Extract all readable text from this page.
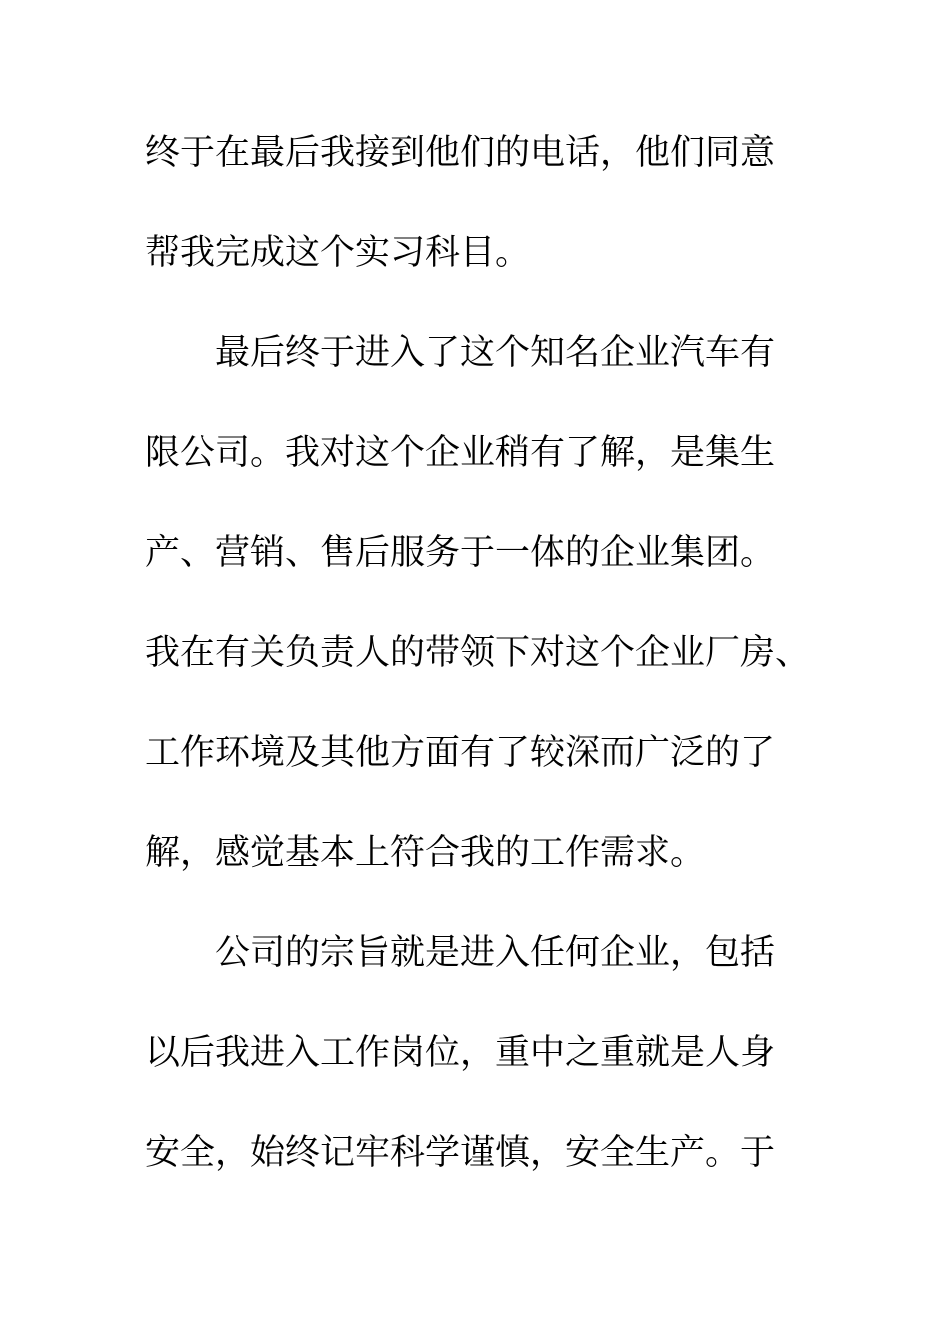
终于在最后我接到他们的电话，他们同意
帮我完成这个实习科目。
最后终于进入了这个知名企业汽车有
限公司。我对这个企业稍有了解，是集生
产、营销、售后服务于一体的企业集团。
我在有关负责人的带领下对这个企业厂房、
工作环境及其他方面有了较深而广泛的了
解，感觉基本上符合我的工作需求。
公司的宗旨就是进入任何企业，包括
以后我进入工作岗位，重中之重就是人身
安全，始终记牢科学谨慎，安全生产。于
